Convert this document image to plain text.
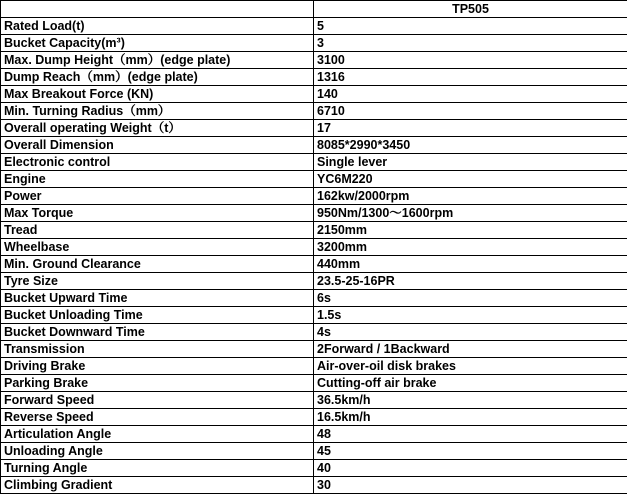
	TP505
Rated Load(t)	5
Bucket Capacity(m³)	3
Max. Dump Height（mm）(edge plate)	3100
Dump Reach（mm）(edge plate)	1316
Max Breakout Force (KN)	140
Min. Turning Radius（mm）	6710
Overall operating Weight（t）	17
Overall Dimension	8085*2990*3450
Electronic control	Single lever
Engine	YC6M220
Power	162kw/2000rpm
Max Torque	950Nm/1300～1600rpm
Tread	2150mm
Wheelbase	3200mm
Min. Ground Clearance	440mm
Tyre Size	23.5-25-16PR
Bucket Upward Time	6s
Bucket Unloading Time	1.5s
Bucket Downward Time	4s
Transmission	2Forward / 1Backward
Driving Brake	Air-over-oil disk brakes
Parking Brake	Cutting-off air brake
Forward Speed	36.5km/h
Reverse Speed	16.5km/h
Articulation Angle	48
Unloading Angle	45
Turning Angle	40
Climbing Gradient	30
